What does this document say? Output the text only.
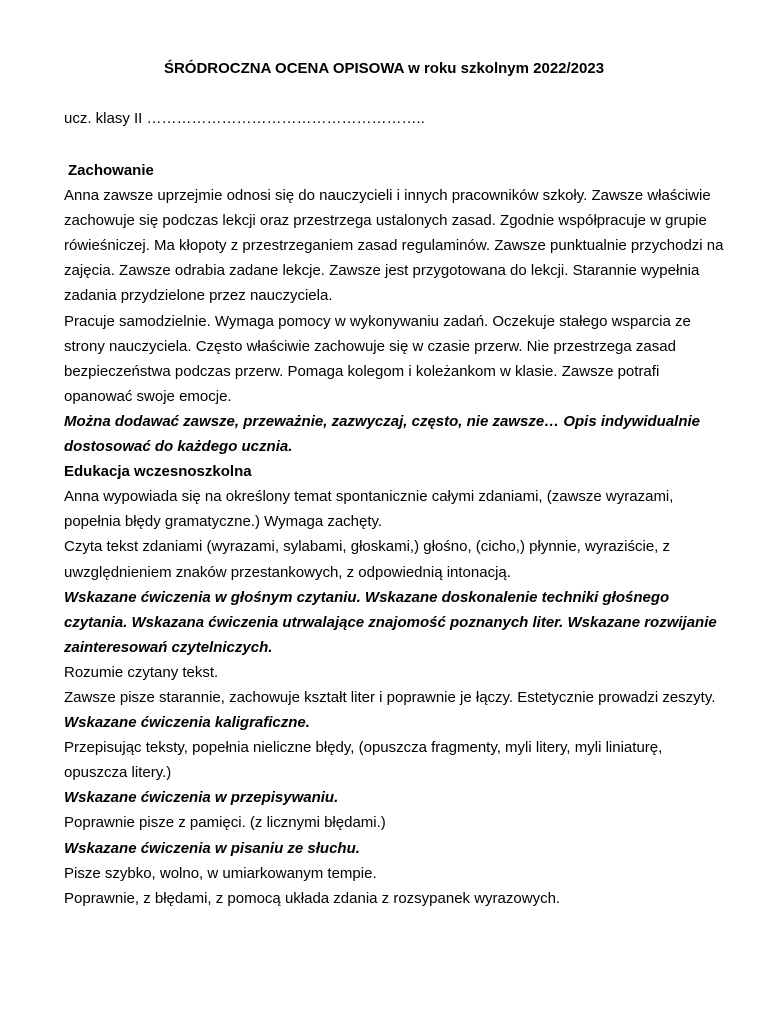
ŚRÓDROCZNA OCENA OPISOWA w roku szkolnym 2022/2023

ucz. klasy II ………………………………………………..

Zachowanie

Anna zawsze uprzejmie odnosi się do nauczycieli i innych pracowników szkoły. Zawsze właściwie zachowuje się podczas lekcji oraz przestrzega ustalonych zasad. Zgodnie współpracuje w grupie rówieśniczej. Ma kłopoty z przestrzeganiem zasad regulaminów. Zawsze punktualnie przychodzi na zajęcia. Zawsze odrabia zadane lekcje. Zawsze jest przygotowana do lekcji. Starannie wypełnia zadania przydzielone przez nauczyciela.

Pracuje samodzielnie. Wymaga pomocy w wykonywaniu zadań. Oczekuje stałego wsparcia ze strony nauczyciela. Często właściwie zachowuje się w czasie przerw. Nie przestrzega zasad bezpieczeństwa podczas przerw. Pomaga kolegom i koleżankom w klasie. Zawsze potrafi opanować swoje emocje.

Można dodawać zawsze, przeważnie, zazwyczaj, często, nie zawsze… Opis indywidualnie dostosować do każdego ucznia.

Edukacja wczesnoszkolna

Anna wypowiada się na określony temat spontanicznie całymi zdaniami, (zawsze wyrazami, popełnia błędy gramatyczne.) Wymaga zachęty.

Czyta tekst zdaniami (wyrazami, sylabami, głoskami,) głośno, (cicho,) płynnie, wyraziście, z uwzględnieniem znaków przestankowych, z odpowiednią intonacją.

Wskazane ćwiczenia w głośnym czytaniu. Wskazane doskonalenie techniki głośnego czytania. Wskazana ćwiczenia utrwalające znajomość poznanych liter. Wskazane rozwijanie zainteresowań czytelniczych.

Rozumie czytany tekst.

Zawsze pisze starannie, zachowuje kształt liter i poprawnie je łączy. Estetycznie prowadzi zeszyty.

Wskazane ćwiczenia kaligraficzne.

Przepisując teksty, popełnia nieliczne błędy, (opuszcza fragmenty, myli litery, myli liniaturę, opuszcza litery.)

Wskazane ćwiczenia w przepisywaniu.

Poprawnie pisze z pamięci. (z licznymi błędami.)

Wskazane ćwiczenia w pisaniu ze słuchu.

Pisze szybko, wolno, w umiarkowanym tempie.

Poprawnie, z błędami, z pomocą układa zdania z rozsypanek wyrazowych.
